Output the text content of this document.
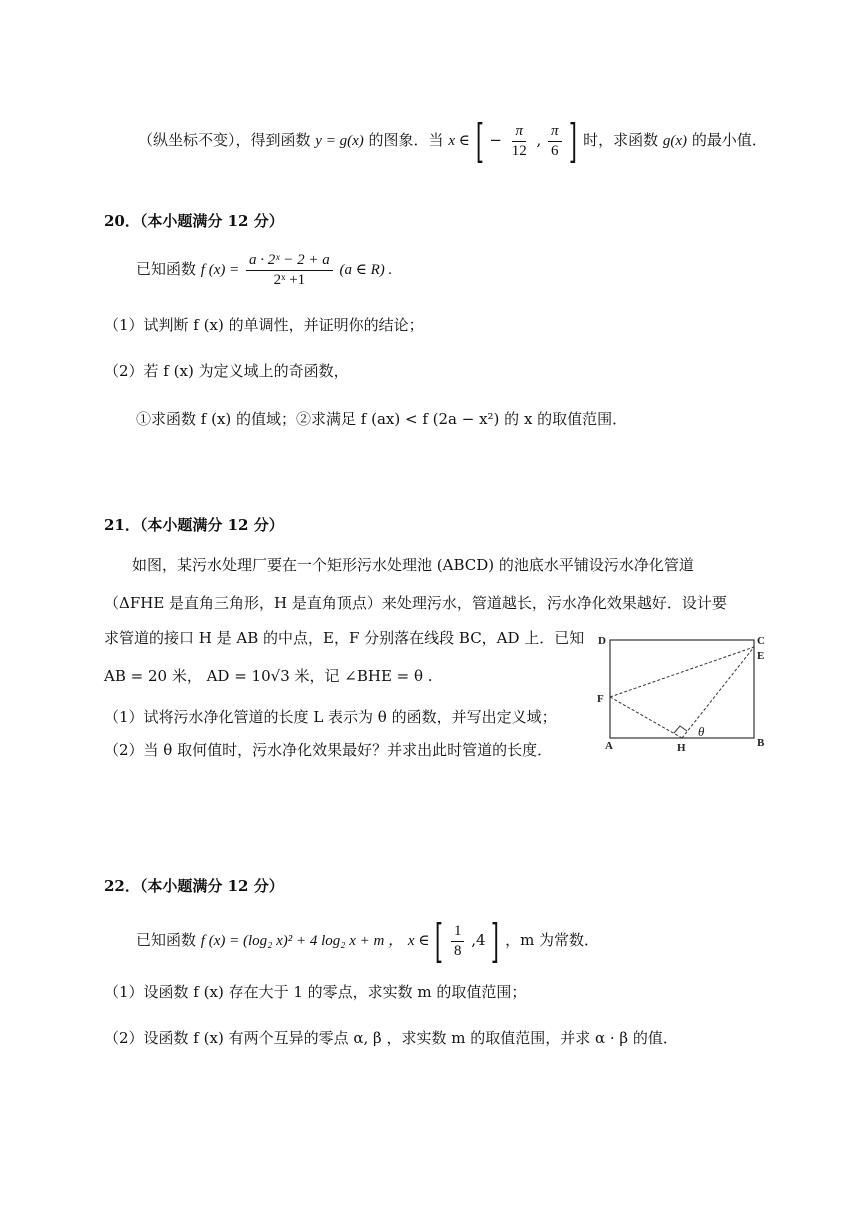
（纵坐标不变），得到函数 y = g(x) 的图象．当 x ∈ [ − $\frac{\pi}{12}$ , $\frac{\pi}{6}$ ] 时，求函数 g(x) 的最小值．
20．（本小题满分 12 分）
已知函数 f $(x) = \frac{\text{a · 2ˣ − 2 + a}}{\text{2ˣ +1}} (a$ ∈ R) .
（1）试判断 f (x) 的单调性，并证明你的结论；
（2）若 f (x) 为定义域上的奇函数，
①求函数 f (x) 的值域；②求满足 f (ax) < f (2a − x²) 的 x 的取值范围．
21．（本小题满分 12 分）
如图，某污水处理厂要在一个矩形污水处理池 (ABCD) 的池底水平铺设污水净化管道
（ΔFHE 是直角三角形，H 是直角顶点）来处理污水，管道越长，污水净化效果越好．设计要
求管道的接口 H 是 AB 的中点，E，F 分别落在线段 BC，AD 上．已知
AB = 20 米， AD = 10√3 米，记 ∠BHE = θ .
（1）试将污水净化管道的长度 L 表示为 θ 的函数，并写出定义域；
（2）当 θ 取何值时，污水净化效果最好？并求出此时管道的长度．
D	C
E
F
A	H	B
θ
22．（本小题满分 12 分）
已知函数 f (x) = (log₂ x)² + 4 log₂ x + m ， x ∈ [ $\frac{1}{8} ,4$ ] ，m 为常数．
（1）设函数 f (x) 存在大于 1 的零点，求实数 m 的取值范围；
（2）设函数 f (x) 有两个互异的零点 α, β ，求实数 m 的取值范围，并求 α · β 的值．
